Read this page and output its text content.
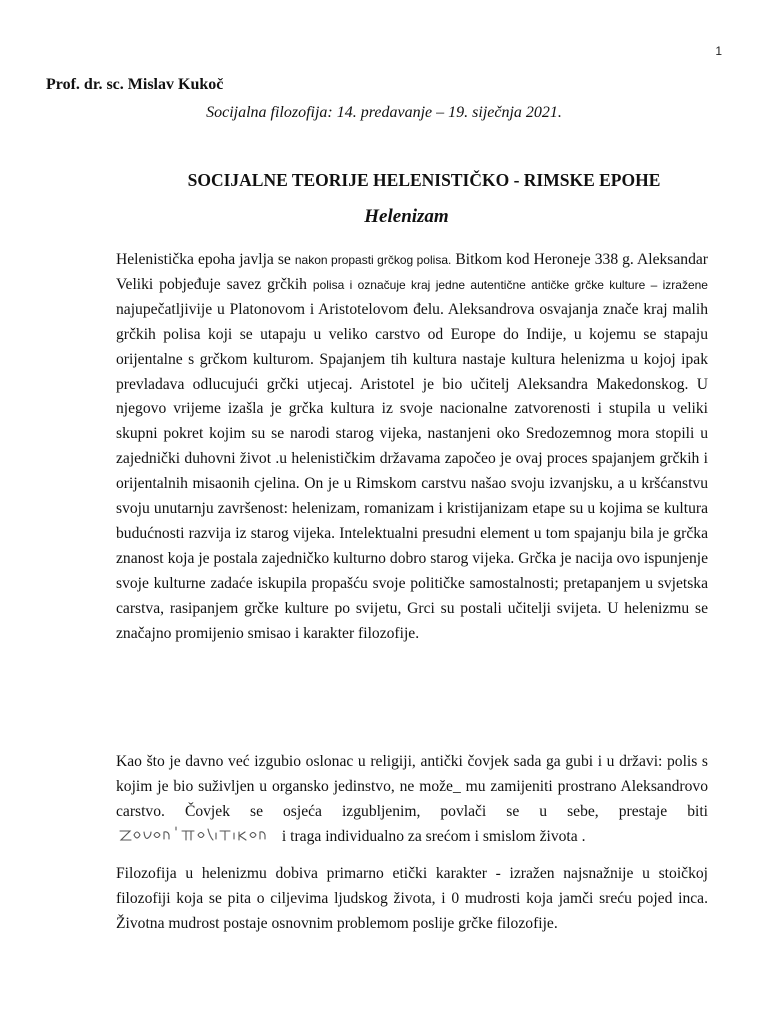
1
Prof. dr. sc. Mislav Kukoč
Socijalna filozofija: 14. predavanje – 19. siječnja 2021.
SOCIJALNE TEORIJE HELENISTIČKO - RIMSKE EPOHE
Helenizam

Helenistička epoha javlja se nakon propasti grčkog polisa. Bitkom kod Heroneje 338 g. Aleksandar Veliki pobjeđuje savez grčkih polisa i označuje kraj jedne autentične antičke grčke kulture – izražene najupečatljivije u Platonovom i Aristotelovom đelu. Aleksandrova osvajanja znače kraj malih grčkih polisa koji se utapaju u veliko carstvo od Europe do Indije, u kojemu se stapaju orijentalne s grčkom kulturom. Spajanjem tih kultura nastaje kultura helenizma u kojoj ipak prevladava odlucujući grčki utjecaj. Aristotel je bio učitelj Aleksandra Makedonskog. U njegovo vrijeme izašla je grčka kultura iz svoje nacionalne zatvorenosti i stupila u veliki skupni pokret kojim su se narodi starog vijeka, nastanjeni oko Sredozemnog mora stopili u zajednički duhovni život .u helenističkim državama započeo je ovaj proces spajanjem grčkih i orijentalnih misaonih cjelina. On je u Rimskom carstvu našao svoju izvanjsku, a u kršćanstvu svoju unutarnju završenost: helenizam, romanizam i kristijanizam etape su u kojima se kultura budućnosti razvija iz starog vijeka. Intelektualni presudni element u tom spajanju bila je grčka znanost koja je postala zajedničko kulturno dobro starog vijeka. Grčka je nacija ovo ispunjenje svoje kulturne zadaće iskupila propašću svoje političke samostalnosti; pretapanjem u svjetska carstva, rasipanjem grčke kulture po svijetu, Grci su postali učitelji svijeta. U helenizmu se značajno promijenio smisao i karakter filozofije.

Kao što je davno već izgubio oslonac u religiji, antički čovjek sada ga gubi i u državi: polis s kojim je bio suživljen u organsko jedinstvo, ne može_ mu zamijeniti prostrano Aleksandrovo carstvo. Čovjek se osjeća izgubljenim, povlači se u sebe, prestaje biti  i traga individualno za srećom i smislom života .

Filozofija u helenizmu dobiva primarno etički karakter - izražen najsnažnije u stoičkoj filozofiji koja se pita o ciljevima ljudskog života, i 0 mudrosti koja jamči sreću pojed inca. Životna mudrost postaje osnovnim problemom poslije grčke filozofije.
